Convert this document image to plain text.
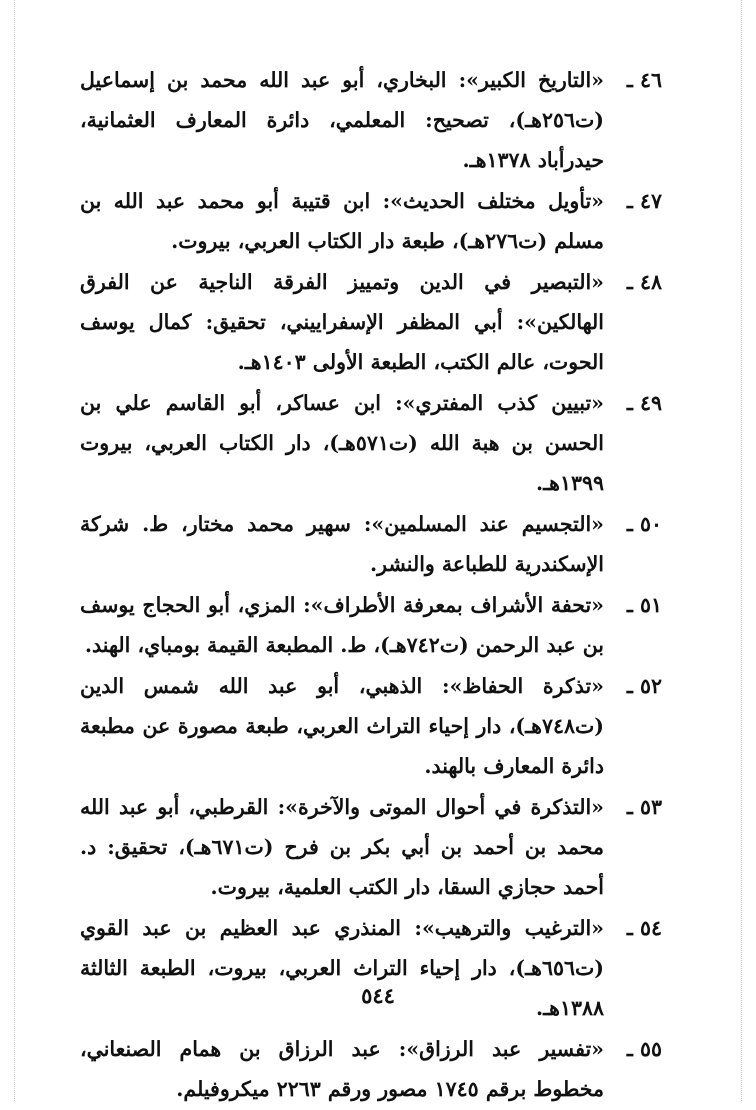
٤٦ ـ
«التاريخ الكبير»: البخاري، أبو عبد الله محمد بن إسماعيل (ت٢٥٦هـ)، تصحيح: المعلمي، دائرة المعارف العثمانية، حيدرأباد ١٣٧٨هـ.
٤٧ ـ
«تأويل مختلف الحديث»: ابن قتيبة أبو محمد عبد الله بن مسلم (ت٢٧٦هـ)، طبعة دار الكتاب العربي، بيروت.
٤٨ ـ
«التبصير في الدين وتمييز الفرقة الناجية عن الفرق الهالكين»: أبي المظفر الإسفراييني، تحقيق: كمال يوسف الحوت، عالم الكتب، الطبعة الأولى ١٤٠٣هـ.
٤٩ ـ
«تبيين كذب المفتري»: ابن عساكر، أبو القاسم علي بن الحسن بن هبة الله (ت٥٧١هـ)، دار الكتاب العربي، بيروت ١٣٩٩هـ.
٥٠ ـ
«التجسيم عند المسلمين»: سهير محمد مختار، ط. شركة الإسكندرية للطباعة والنشر.
٥١ ـ
«تحفة الأشراف بمعرفة الأطراف»: المزي، أبو الحجاج يوسف بن عبد الرحمن (ت٧٤٢هـ)، ط. المطبعة القيمة بومباي، الهند.
٥٢ ـ
«تذكرة الحفاظ»: الذهبي، أبو عبد الله شمس الدين (ت٧٤٨هـ)، دار إحياء التراث العربي، طبعة مصورة عن مطبعة دائرة المعارف بالهند.
٥٣ ـ
«التذكرة في أحوال الموتى والآخرة»: القرطبي، أبو عبد الله محمد بن أحمد بن أبي بكر بن فرح (ت٦٧١هـ)، تحقيق: د. أحمد حجازي السقا، دار الكتب العلمية، بيروت.
٥٤ ـ
«الترغيب والترهيب»: المنذري عبد العظيم بن عبد القوي (ت٦٥٦هـ)، دار إحياء التراث العربي، بيروت، الطبعة الثالثة ١٣٨٨هـ.
٥٥ ـ
«تفسير عبد الرزاق»: عبد الرزاق بن همام الصنعاني، مخطوط برقم ١٧٤٥ مصور ورقم ٢٢٦٣ ميكروفيلم.
٥٤٤
